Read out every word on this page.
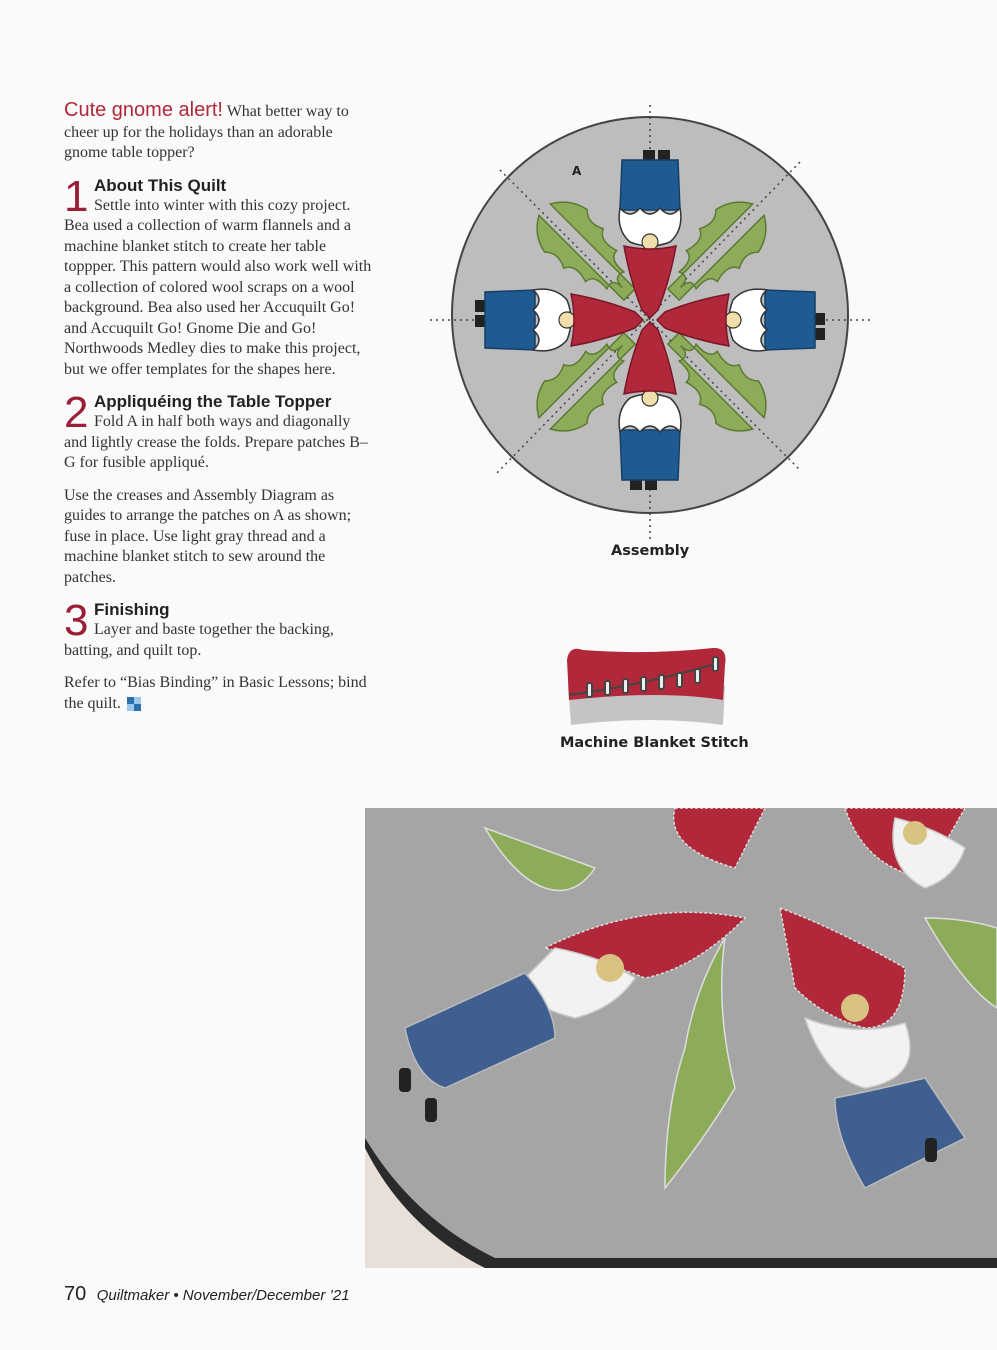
Cute gnome alert! What better way to cheer up for the holidays than an adorable gnome table topper?

1 About This Quilt

Settle into winter with this cozy project. Bea used a collection of warm flannels and a machine blanket stitch to create her table toppper. This pattern would also work well with a collection of colored wool scraps on a wool background. Bea also used her Accuquilt Go! and Accuquilt Go! Gnome Die and Go! Northwoods Medley dies to make this project, but we offer templates for the shapes here.

2 Appliquéing the Table Topper

Fold A in half both ways and diagonally and lightly crease the folds. Prepare patches B–G for fusible appliqué.

Use the creases and Assembly Diagram as guides to arrange the patches on A as shown; fuse in place. Use light gray thread and a machine blanket stitch to sew around the patches.

3 Finishing

Layer and baste together the backing, batting, and quilt top.

Refer to “Bias Binding” in Basic Lessons; bind the quilt.

A
Assembly
Machine Blanket Stitch
70 Quiltmaker • November/December ’21
